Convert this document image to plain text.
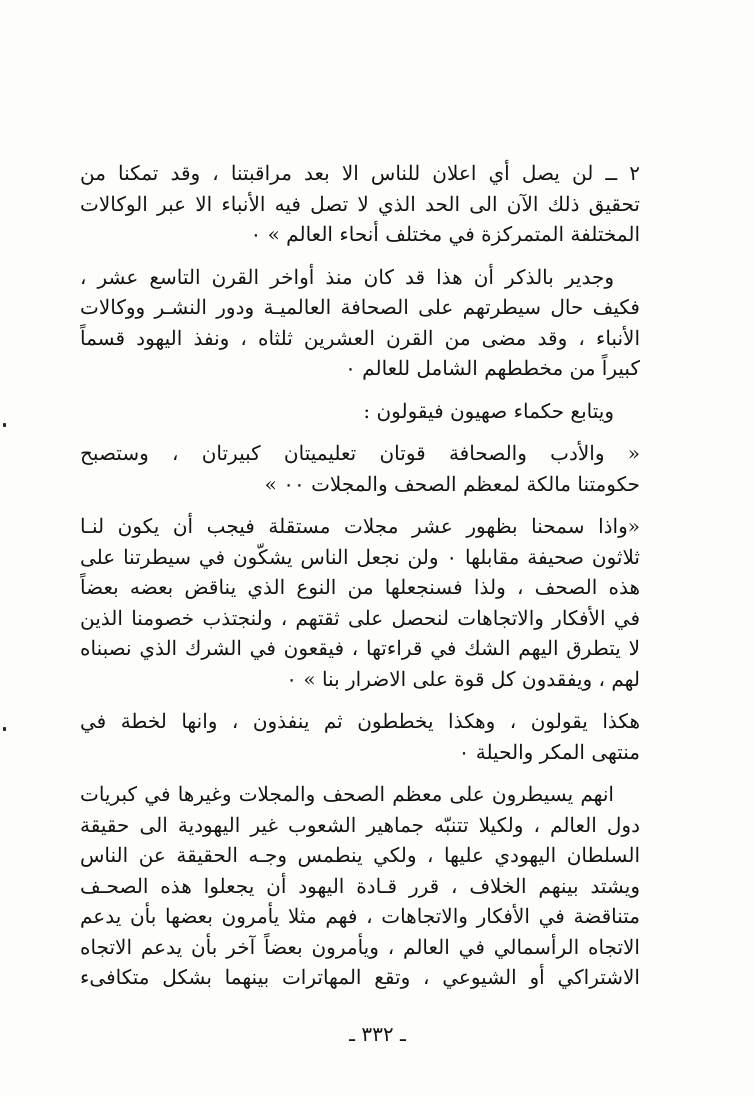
٢ ــ لن يصل أي اعلان للناس الا بعد مراقبتنا ، وقد تمكنا من
تحقيق ذلك الآن الى الحد الذي لا تصل فيه الأنباء الا عبر الوكالات
المختلفة المتمركزة في مختلف أنحاء العالم » ٠
وجدير بالذكر أن هذا قد كان منذ أواخر القرن التاسع عشر ،
فكيف حال سيطرتهم على الصحافة العالميـة ودور النشـر ووكالات
الأنباء ، وقد مضى من القرن العشرين ثلثاه ، ونفذ اليهود قسماً
كبيراً من مخططهم الشامل للعالم ٠
ويتابع حكماء صهيون فيقولون :
« والأدب والصحافة قوتان تعليميتان كبيرتان ، وستصبح
حكومتنا مالكة لمعظم الصحف والمجلات ٠٠ »
«واذا سمحنا بظهور عشر مجلات مستقلة فيجب أن يكون لنـا
ثلاثون صحيفة مقابلها ٠ ولن نجعل الناس يشكّون في سيطرتنا على
هذه الصحف ، ولذا فسنجعلها من النوع الذي يناقض بعضه بعضاً
في الأفكار والاتجاهات لنحصل على ثقتهم ، ولنجتذب خصومنا الذين
لا يتطرق اليهم الشك في قراءتها ، فيقعون في الشرك الذي نصبناه
لهم ، ويفقدون كل قوة على الاضرار بنا » ٠
هكذا يقولون ، وهكذا يخططون ثم ينفذون ، وانها لخطة في
منتهى المكر والحيلة ٠
انهم يسيطرون على معظم الصحف والمجلات وغيرها في كبريات
دول العالم ، ولكيلا تتنبّه جماهير الشعوب غير اليهودية الى حقيقة
السلطان اليهودي عليها ، ولكي ينطمس وجـه الحقيقة عن الناس
ويشتد بينهم الخلاف ، قرر قـادة اليهود أن يجعلوا هذه الصحـف
متناقضة في الأفكار والاتجاهات ، فهم مثلا يأمرون بعضها بأن يدعم
الاتجاه الرأسمالي في العالم ، ويأمرون بعضاً آخر بأن يدعم الاتجاه
الاشتراكي أو الشيوعي ، وتقع المهاترات بينهما بشكل متكافىء
ـ ٣٣٢ ـ
